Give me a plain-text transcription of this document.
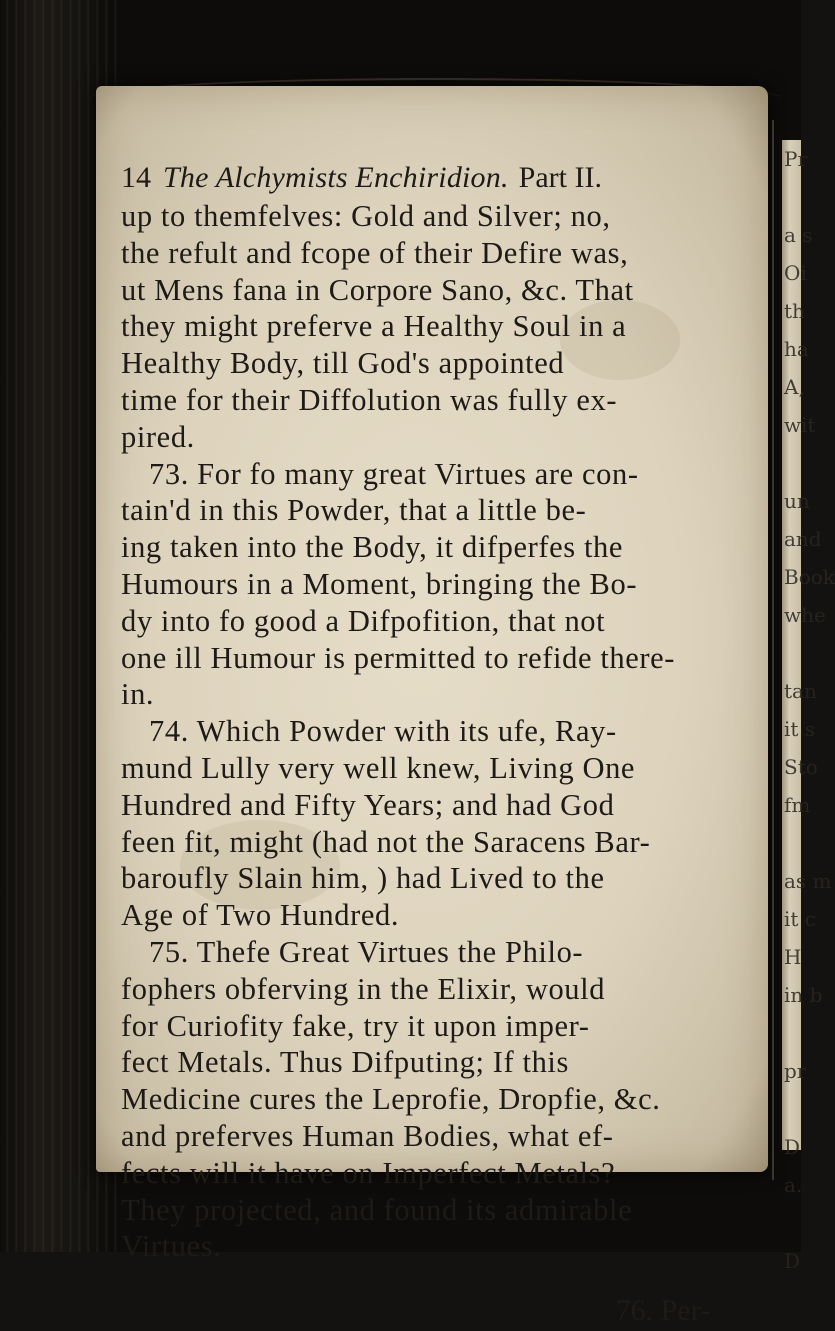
Pr

a s
Oi
th
ha
A,
wit

un
and
Book
whe

tan
it s
Sto
fm

as m
it c
H
in b

pr

D
a.

D
14 The Alchymists Enchiridion. Part II.
up to themfelves: Gold and Silver; no,
the refult and fcope of their Defire was,
ut Mens fana in Corpore Sano, &c. That
they might preferve a Healthy Soul in a
Healthy Body, till God's appointed
time for their Diffolution was fully ex-
pired.
73. For fo many great Virtues are con-
tain'd in this Powder, that a little be-
ing taken into the Body, it difperfes the
Humours in a Moment, bringing the Bo-
dy into fo good a Difpofition, that not
one ill Humour is permitted to refide there-
in.
74. Which Powder with its ufe, Ray-
mund Lully very well knew, Living One
Hundred and Fifty Years; and had God
feen fit, might (had not the Saracens Bar-
baroufly Slain him, ) had Lived to the
Age of Two Hundred.
75. Thefe Great Virtues the Philo-
fophers obferving in the Elixir, would
for Curiofity fake, try it upon imper-
fect Metals. Thus Difputing; If this
Medicine cures the Leprofie, Dropfie, &c.
and preferves Human Bodies, what ef-
fects will it have on Imperfect Metals?
They projected, and found its admirable
Virtues.
76. Per-
